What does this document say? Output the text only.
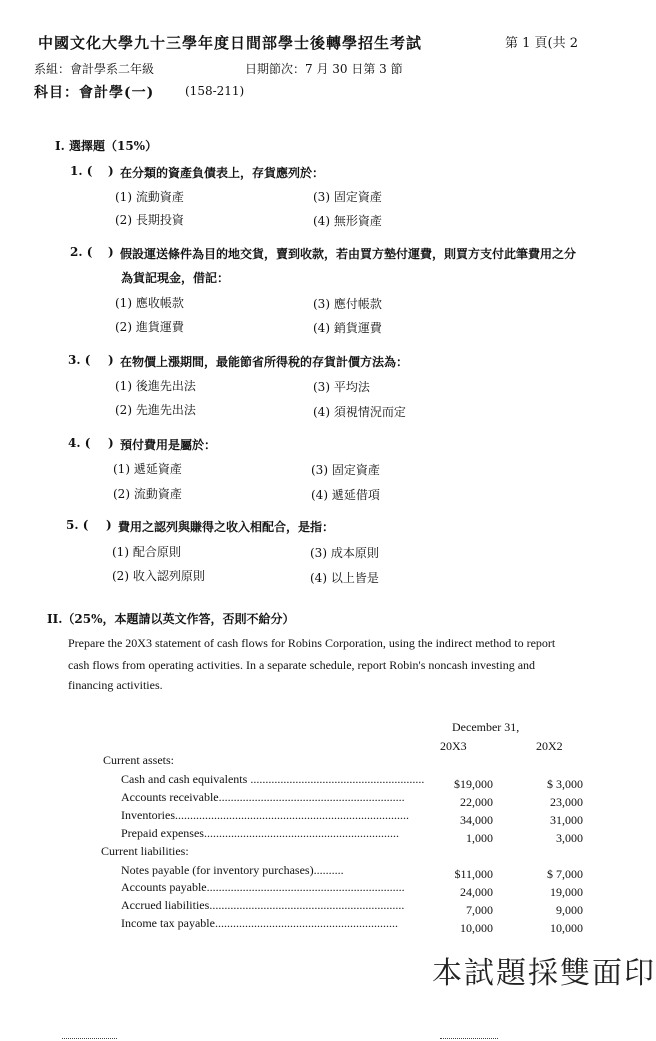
中國文化大學九十三學年度日間部學士後轉學招生考試	第 1 頁(共 2
系組：會計學系二年級	日期節次：7 月 30 日第 3 節
科目：會計學(一)	(158-211)
I. 選擇題（15%）
1. ( ) 在分類的資產負債表上，存貨應列於：
(1) 流動資產	(3) 固定資產
(2) 長期投資	(4) 無形資產
2. ( ) 假設運送條件為目的地交貨，賣到收款，若由買方墊付運費，則買方支付此筆費用之分
為貨記現金，借記：
(1) 應收帳款	(3) 應付帳款
(2) 進貨運費	(4) 銷貨運費
3. ( ) 在物價上漲期間，最能節省所得稅的存貨計價方法為：
(1) 後進先出法	(3) 平均法
(2) 先進先出法	(4) 須視情況而定
4. ( ) 預付費用是屬於：
(1) 遞延資產	(3) 固定資產
(2) 流動資產	(4) 遞延借項
5. ( ) 費用之認列與賺得之收入相配合，是指：
(1) 配合原則	(3) 成本原則
(2) 收入認列原則	(4) 以上皆是
II.（25%，本題請以英文作答，否則不給分）
Prepare the 20X3 statement of cash flows for Robins Corporation, using the indirect method to report
cash flows from operating activities. In a separate schedule, report Robin's noncash investing and
financing activities.
December 31,
20X3	20X2
Current assets:
Cash and cash equivalents ..........................................................	$19,000	$ 3,000
Accounts receivable..............................................................	22,000	23,000
Inventories..............................................................................	34,000	31,000
Prepaid expenses.................................................................	1,000	3,000
Current liabilities:
Notes payable (for inventory purchases)..........	$11,000	$ 7,000
Accounts payable..................................................................	24,000	19,000
Accrued liabilities.................................................................	7,000	9,000
Income tax payable.............................................................	10,000	10,000
本試題採雙面印
